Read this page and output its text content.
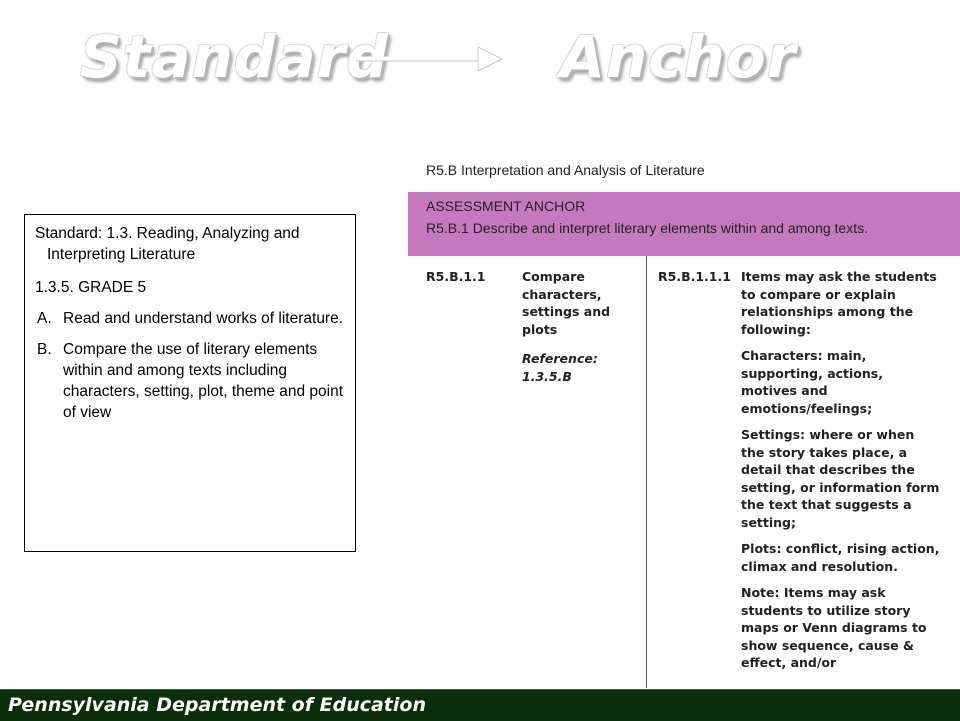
Standard	Anchor
Standard: 1.3. Reading, Analyzing and Interpreting Literature
1.3.5. GRADE 5
A. Read and understand works of literature.
B. Compare the use of literary elements within and among texts including characters, setting, plot, theme and point of view
R5.B Interpretation and Analysis of Literature
ASSESSMENT ANCHOR
R5.B.1 Describe and interpret literary elements within and among texts.
R5.B.1.1	Compare characters, settings and plots
Reference: 1.3.5.B
R5.B.1.1.1 Items may ask the students to compare or explain relationships among the following:
Characters: main, supporting, actions, motives and emotions/feelings;
Settings: where or when the story takes place, a detail that describes the setting, or information form the text that suggests a setting;
Plots: conflict, rising action, climax and resolution.
Note: Items may ask students to utilize story maps or Venn diagrams to show sequence, cause & effect, and/or
Pennsylvania Department of Education
